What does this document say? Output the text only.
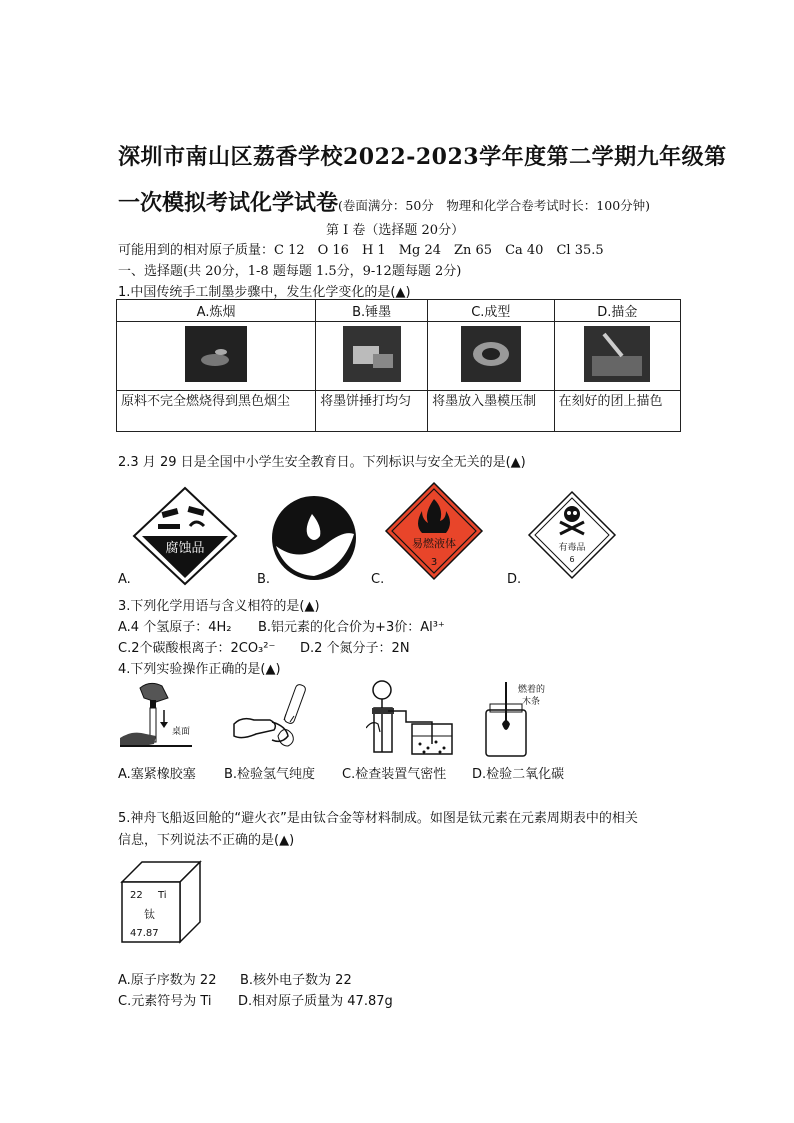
深圳市南山区荔香学校2022-2023学年度第二学期九年级第
一次模拟考试化学试卷(卷面满分：50分　物理和化学合卷考试时长：100分钟)
第 I 卷（选择题 20分）
可能用到的相对原子质量：C 12　O 16　H 1　Mg 24　Zn 65　Ca 40　Cl 35.5
一、选择题(共 20分，1-8 题每题 1.5分，9-12题每题 2分)
1.中国传统手工制墨步骤中，发生化学变化的是(▲)
A.炼烟	B.锤墨	C.成型	D.描金

原料不完全燃烧得到黑色烟尘	将墨饼捶打均匀	将墨放入墨模压制	在刻好的团上描色
2.3 月 29 日是全国中小学生安全教育日。下列标识与安全无关的是(▲)
腐蚀品
A.	B.
易燃液体
3
C.
有毒品
6
D.
3.下列化学用语与含义相符的是(▲)
A.4 个氢原子：4H₂ B.铝元素的化合价为+3价：Al³⁺
C.2个碳酸根离子：2CO₃²⁻ D.2 个氮分子：2N
4.下列实验操作正确的是(▲)
桌面
燃着的
木条
A.塞紧橡胶塞 B.检验氢气纯度 C.检查装置气密性 D.检验二氧化碳
5.神舟飞船返回舱的“避火衣”是由钛合金等材料制成。如图是钛元素在元素周期表中的相关
信息，下列说法不正确的是(▲)
22 Ti
钛
47.87
A.原子序数为 22 B.核外电子数为 22
C.元素符号为 Ti D.相对原子质量为 47.87g
